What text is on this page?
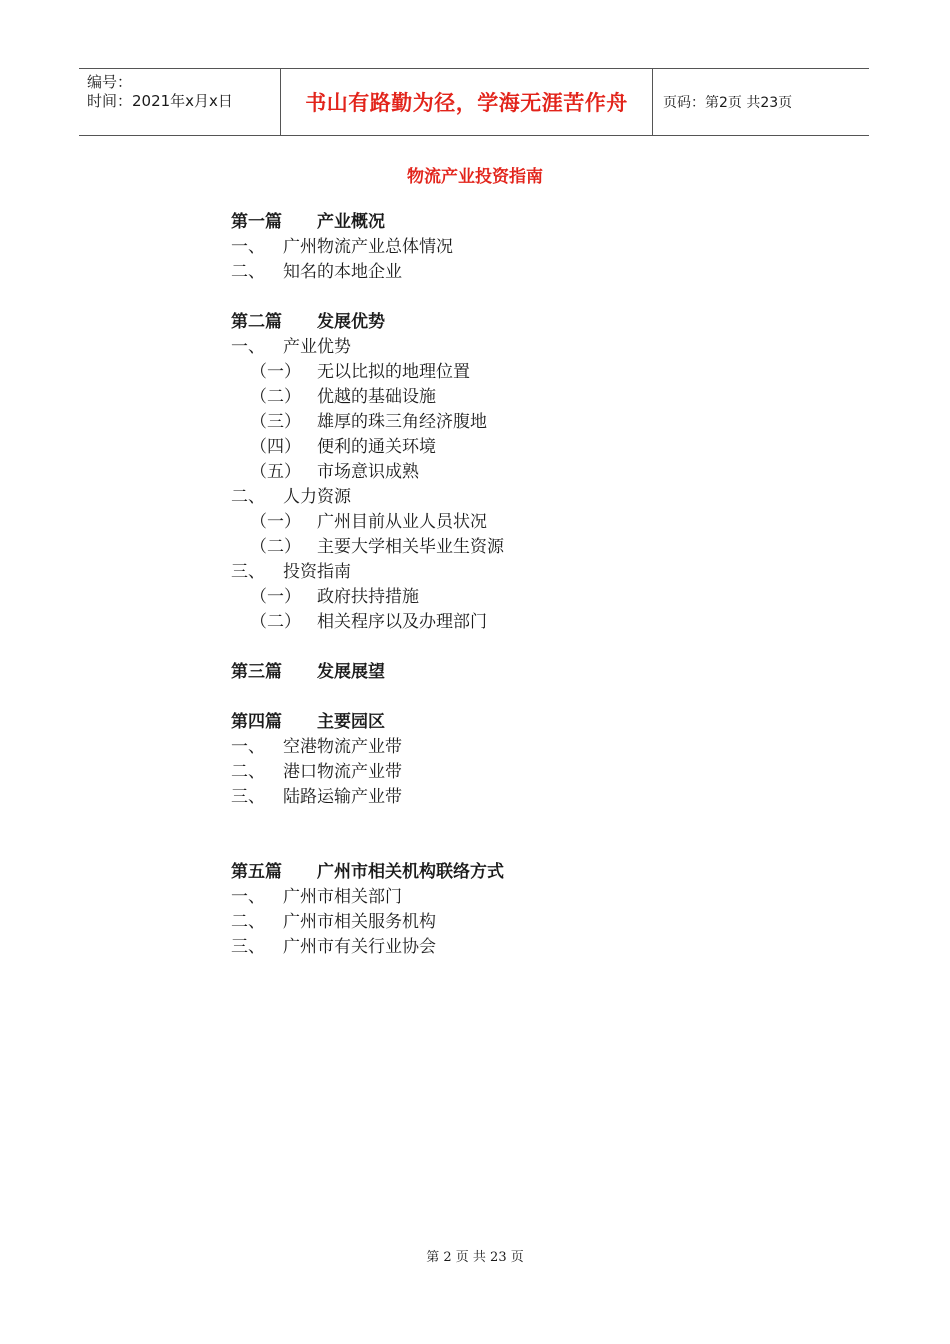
编号：
时间：2021年x月x日	书山有路勤为径，学海无涯苦作舟	页码：第2页 共23页
物流产业投资指南
第一篇	产业概况
一、	广州物流产业总体情况
二、	知名的本地企业
第二篇	发展优势
一、	产业优势
（一） 无以比拟的地理位置
（二） 优越的基础设施
（三） 雄厚的珠三角经济腹地
（四） 便利的通关环境
（五） 市场意识成熟
二、	人力资源
（一） 广州目前从业人员状况
（二） 主要大学相关毕业生资源
三、	投资指南
（一） 政府扶持措施
（二） 相关程序以及办理部门
第三篇	发展展望
第四篇	主要园区
一、	空港物流产业带
二、	港口物流产业带
三、	陆路运输产业带
第五篇	广州市相关机构联络方式
一、	广州市相关部门
二、	广州市相关服务机构
三、	广州市有关行业协会
第 2 页 共 23 页
